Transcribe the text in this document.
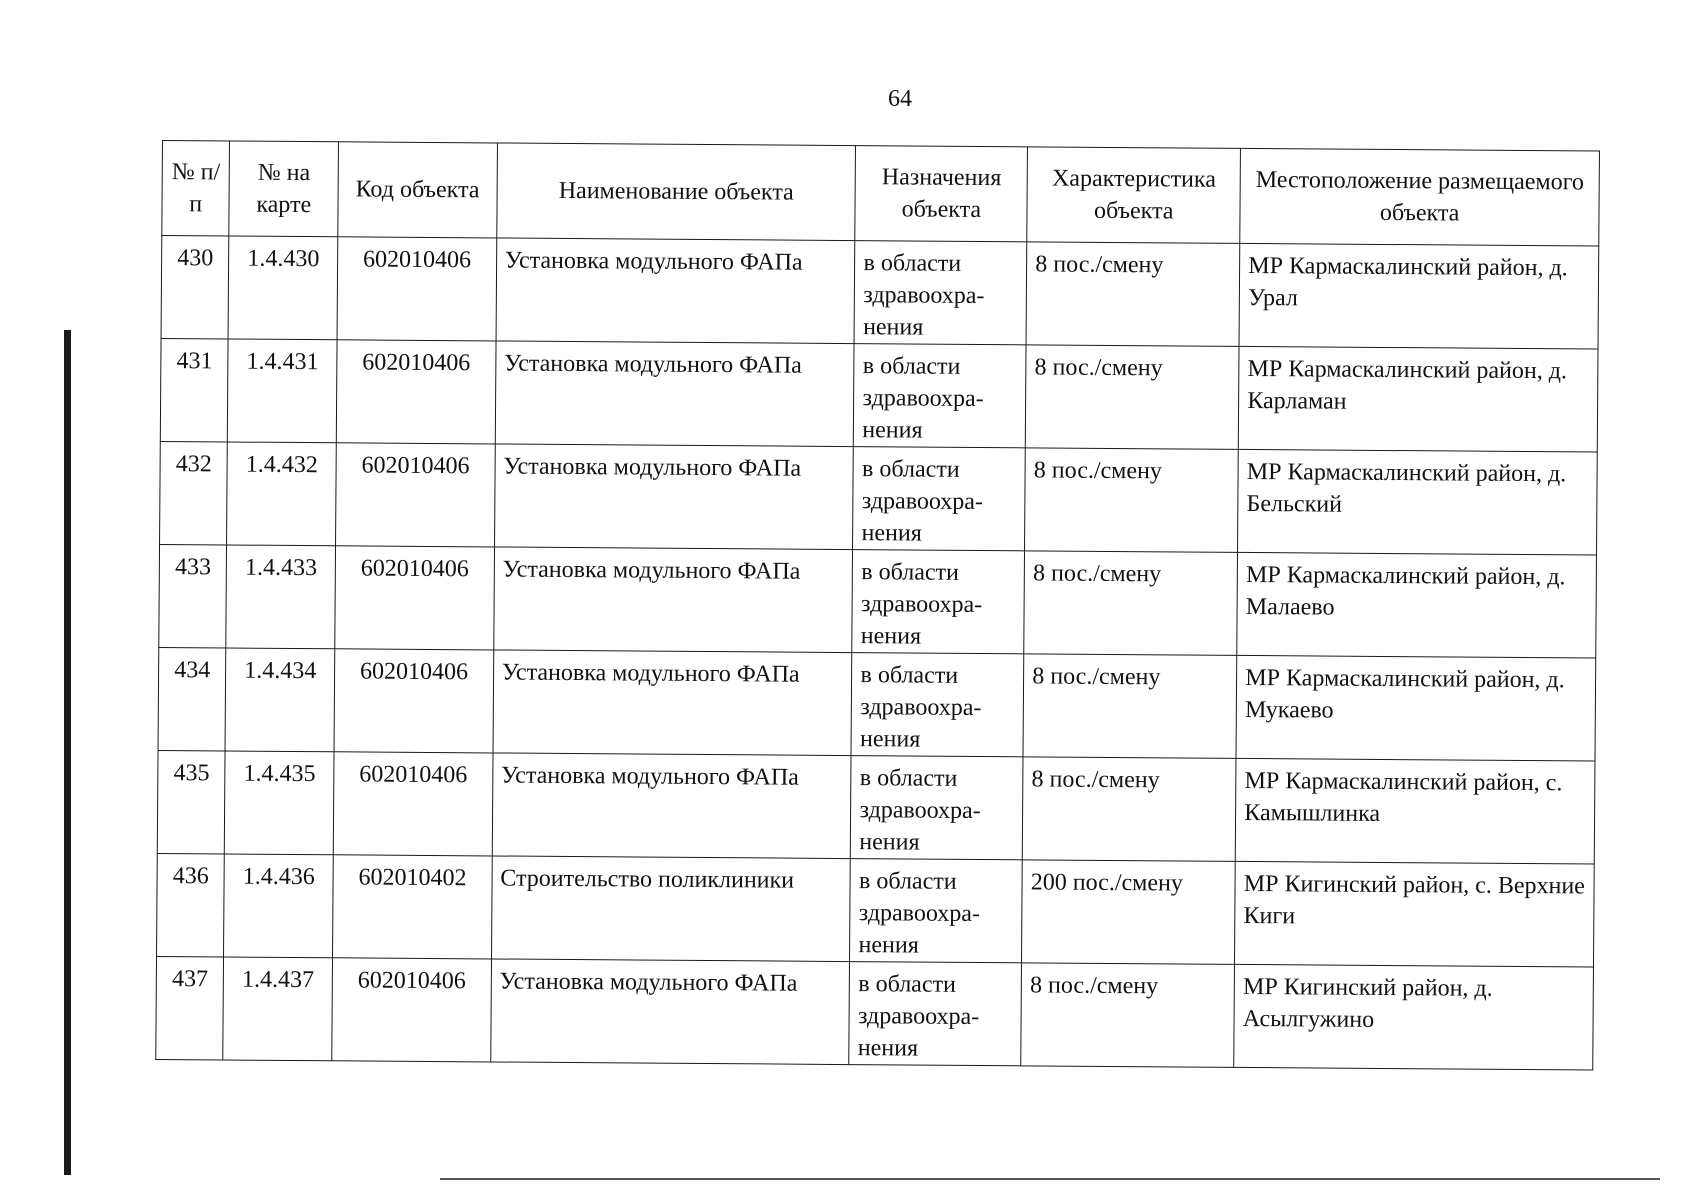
64
№ п/п	№ на карте	Код объекта	Наименование объекта	Назначения объекта	Характеристика объекта	Местоположение размещаемого объекта
430	1.4.430	602010406	Установка модульного ФАПа	в области здравоохра-нения	8 пос./смену	МР Кармаскалинский район, д. Урал
431	1.4.431	602010406	Установка модульного ФАПа	в области здравоохра-нения	8 пос./смену	МР Кармаскалинский район, д. Карламан
432	1.4.432	602010406	Установка модульного ФАПа	в области здравоохра-нения	8 пос./смену	МР Кармаскалинский район, д. Бельский
433	1.4.433	602010406	Установка модульного ФАПа	в области здравоохра-нения	8 пос./смену	МР Кармаскалинский район, д. Малаево
434	1.4.434	602010406	Установка модульного ФАПа	в области здравоохра-нения	8 пос./смену	МР Кармаскалинский район, д. Мукаево
435	1.4.435	602010406	Установка модульного ФАПа	в области здравоохра-нения	8 пос./смену	МР Кармаскалинский район, с. Камышлинка
436	1.4.436	602010402	Строительство поликлиники	в области здравоохра-нения	200 пос./смену	МР Кигинский район, с. Верхние Киги
437	1.4.437	602010406	Установка модульного ФАПа	в области здравоохра-нения	8 пос./смену	МР Кигинский район, д. Асылгужино
